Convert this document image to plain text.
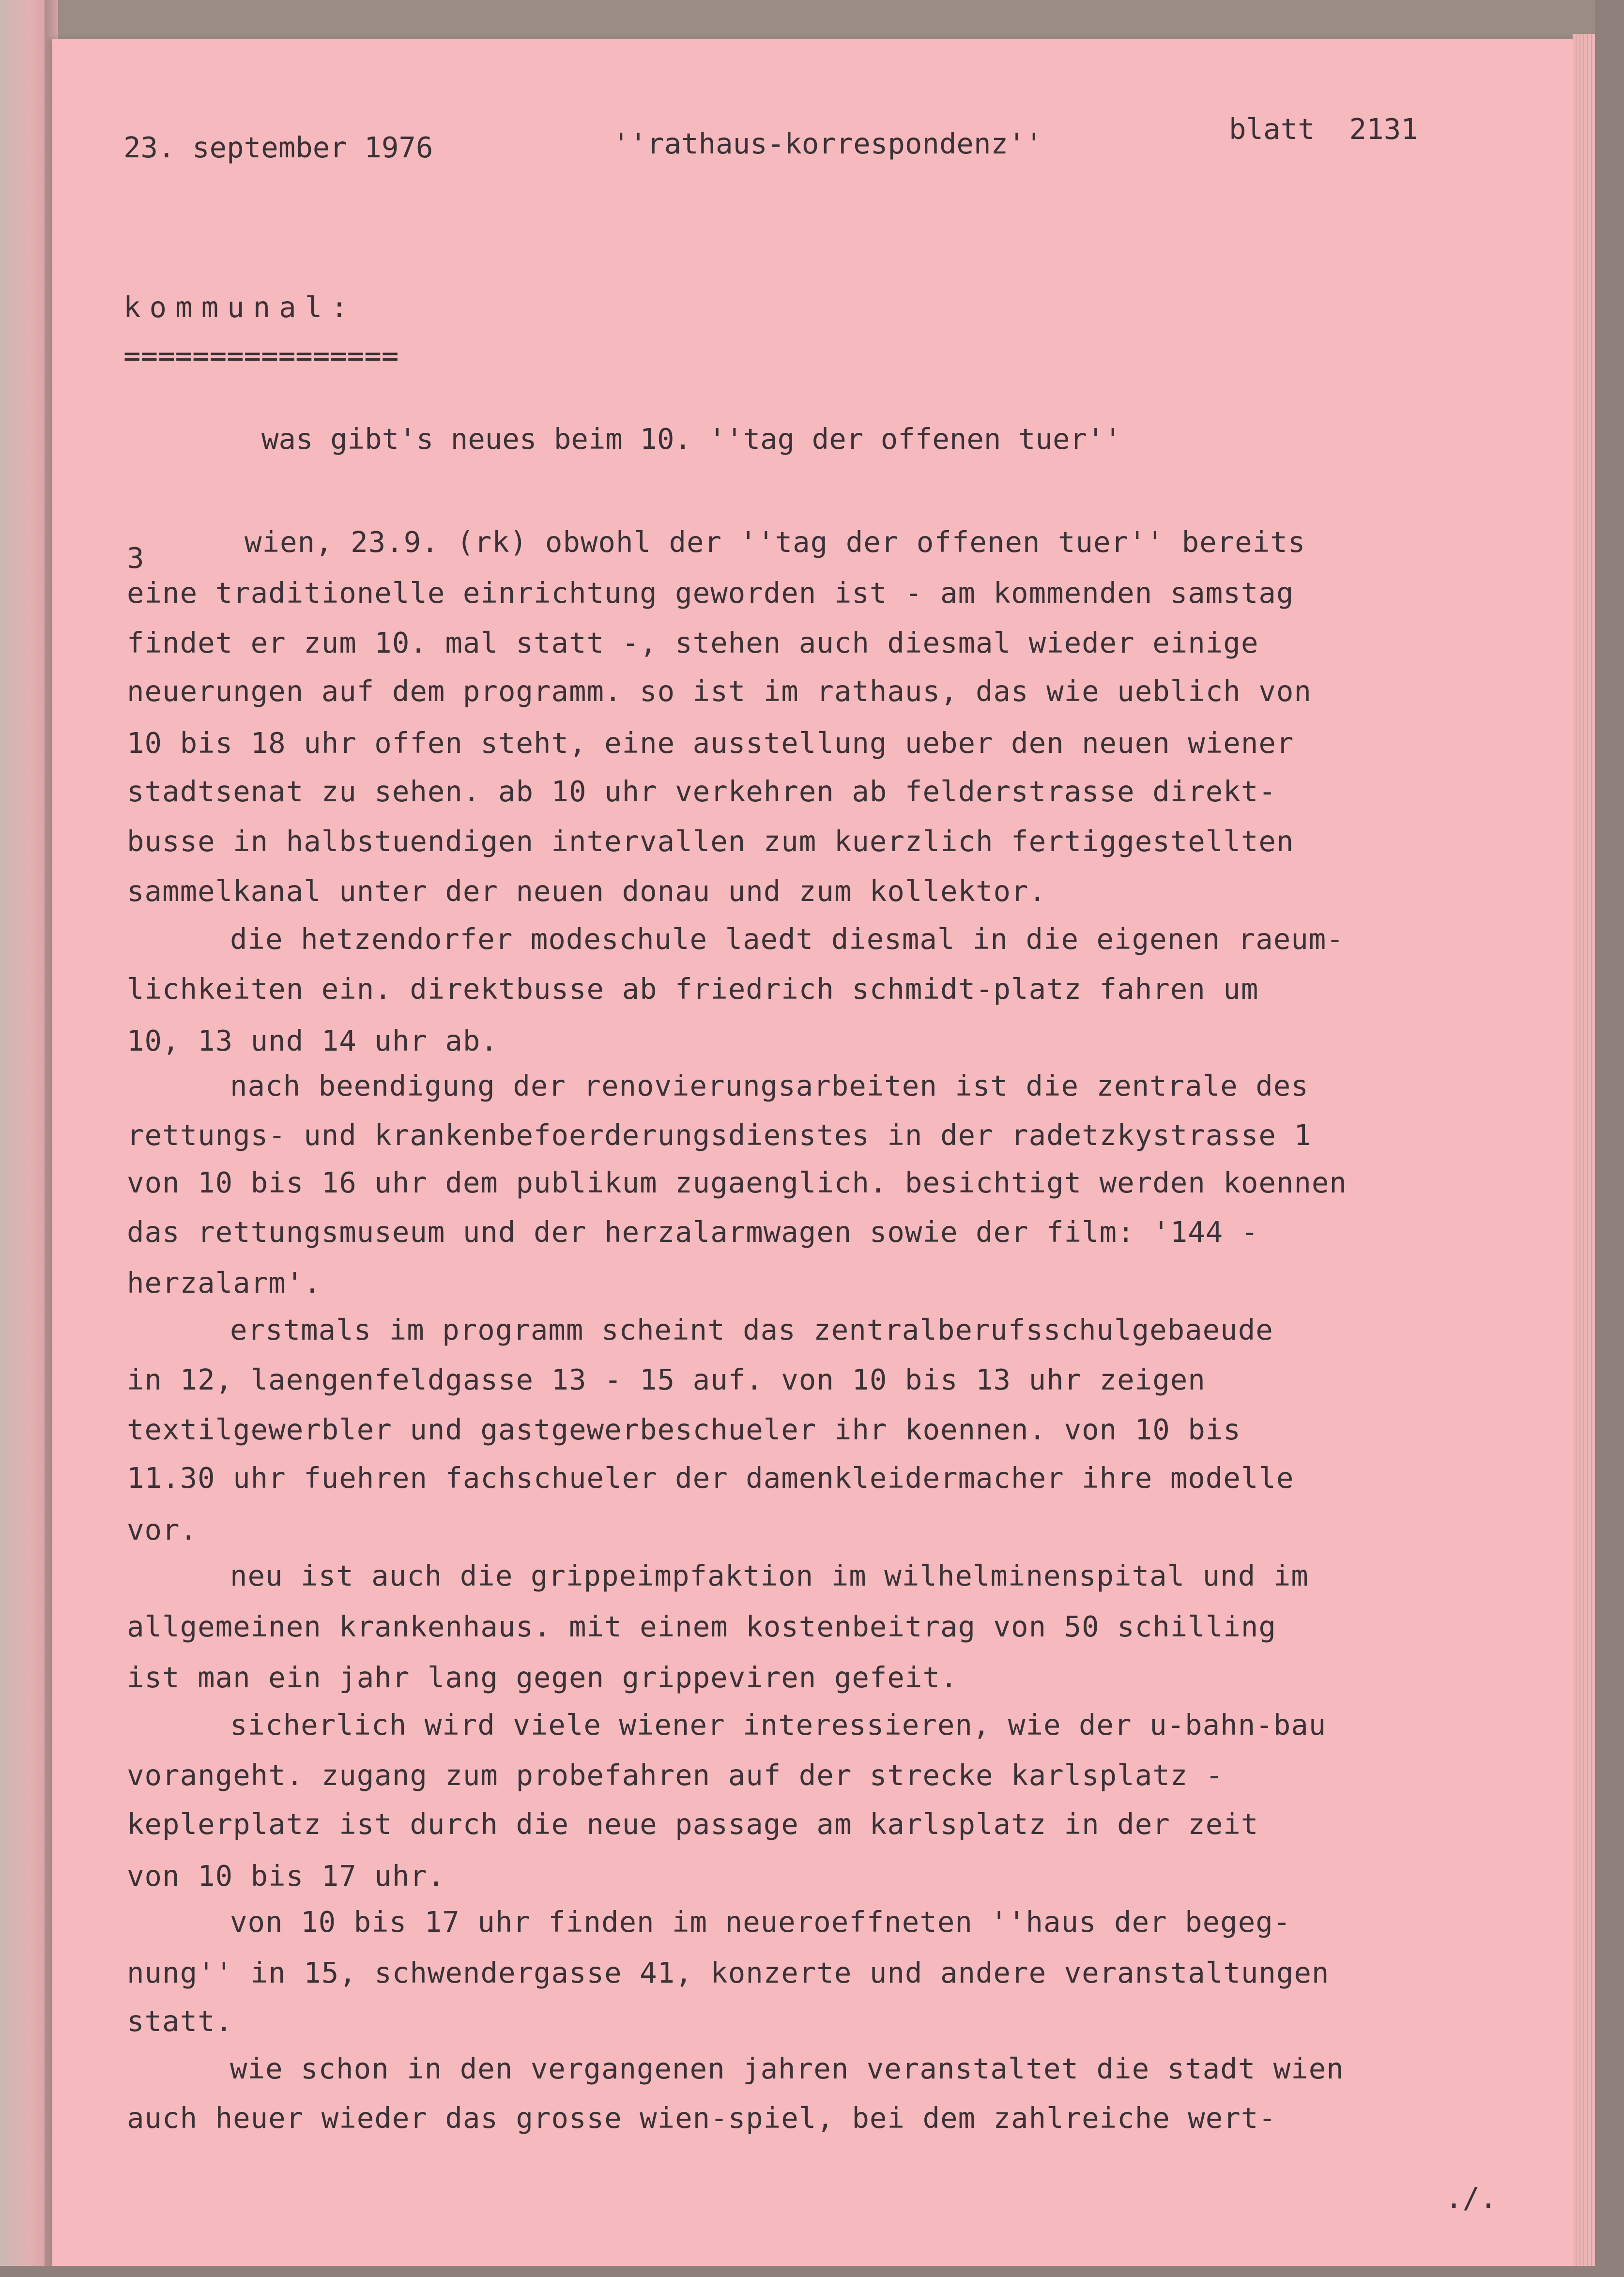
23. september 1976	''rathaus-korrespondenz''	blatt  2131
kommunal:
================
was gibt's neues beim 10. ''tag der offenen tuer''
3	wien, 23.9. (rk) obwohl der ''tag der offenen tuer'' bereits
eine traditionelle einrichtung geworden ist - am kommenden samstag
findet er zum 10. mal statt -, stehen auch diesmal wieder einige
neuerungen auf dem programm. so ist im rathaus, das wie ueblich von
10 bis 18 uhr offen steht, eine ausstellung ueber den neuen wiener
stadtsenat zu sehen. ab 10 uhr verkehren ab felderstrasse direkt-
busse in halbstuendigen intervallen zum kuerzlich fertiggestellten
sammelkanal unter der neuen donau und zum kollektor.
die hetzendorfer modeschule laedt diesmal in die eigenen raeum-
lichkeiten ein. direktbusse ab friedrich schmidt-platz fahren um
10, 13 und 14 uhr ab.
nach beendigung der renovierungsarbeiten ist die zentrale des
rettungs- und krankenbefoerderungsdienstes in der radetzkystrasse 1
von 10 bis 16 uhr dem publikum zugaenglich. besichtigt werden koennen
das rettungsmuseum und der herzalarmwagen sowie der film: '144 -
herzalarm'.
erstmals im programm scheint das zentralberufsschulgebaeude
in 12, laengenfeldgasse 13 - 15 auf. von 10 bis 13 uhr zeigen
textilgewerbler und gastgewerbeschueler ihr koennen. von 10 bis
11.30 uhr fuehren fachschueler der damenkleidermacher ihre modelle
vor.
neu ist auch die grippeimpfaktion im wilhelminenspital und im
allgemeinen krankenhaus. mit einem kostenbeitrag von 50 schilling
ist man ein jahr lang gegen grippeviren gefeit.
sicherlich wird viele wiener interessieren, wie der u-bahn-bau
vorangeht. zugang zum probefahren auf der strecke karlsplatz -
keplerplatz ist durch die neue passage am karlsplatz in der zeit
von 10 bis 17 uhr.
von 10 bis 17 uhr finden im neueroeffneten ''haus der begeg-
nung'' in 15, schwendergasse 41, konzerte und andere veranstaltungen
statt.
wie schon in den vergangenen jahren veranstaltet die stadt wien
auch heuer wieder das grosse wien-spiel, bei dem zahlreiche wert-
./.
